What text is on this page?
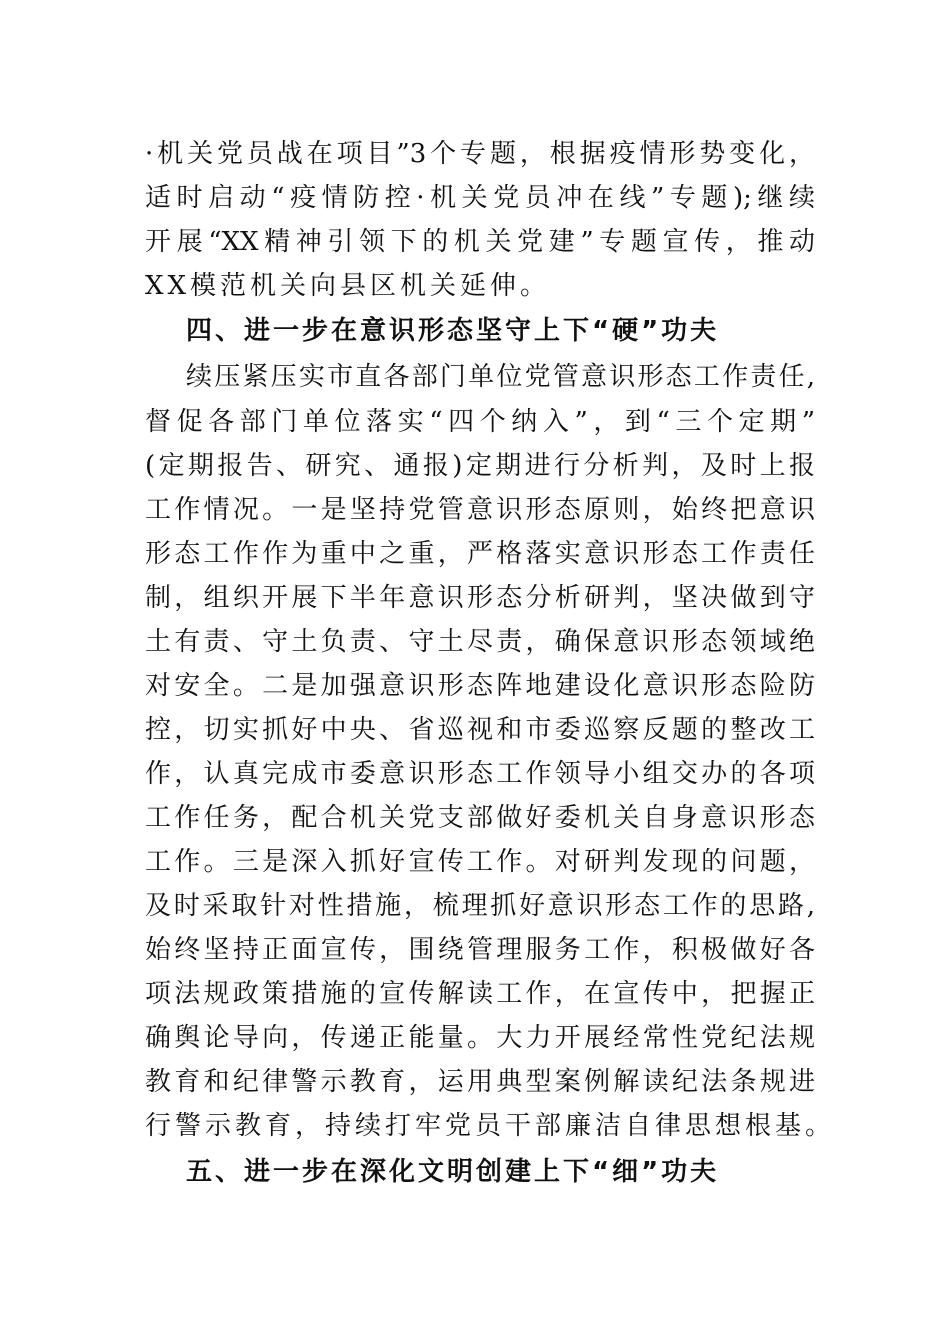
·机关党员战在项目”3个专题，根据疫情形势变化，
适时启动“疫情防控·机关党员冲在线”专题);继续
开展“XX精神引领下的机关党建”专题宣传，推动
XX模范机关向县区机关延伸。
四、进一步在意识形态坚守上下“硬”功夫
续压紧压实市直各部门单位党管意识形态工作责任,
督促各部门单位落实“四个纳入”，到“三个定期”
(定期报告、研究、通报)定期进行分析判，及时上报
工作情况。一是坚持党管意识形态原则，始终把意识
形态工作作为重中之重，严格落实意识形态工作责任
制，组织开展下半年意识形态分析研判，坚决做到守
土有责、守土负责、守土尽责，确保意识形态领域绝
对安全。二是加强意识形态阵地建设化意识形态险防
控，切实抓好中央、省巡视和市委巡察反题的整改工
作，认真完成市委意识形态工作领导小组交办的各项
工作任务，配合机关党支部做好委机关自身意识形态
工作。三是深入抓好宣传工作。对研判发现的问题，
及时采取针对性措施，梳理抓好意识形态工作的思路,
始终坚持正面宣传，围绕管理服务工作，积极做好各
项法规政策措施的宣传解读工作，在宣传中，把握正
确舆论导向，传递正能量。大力开展经常性党纪法规
教育和纪律警示教育，运用典型案例解读纪法条规进
行警示教育，持续打牢党员干部廉洁自律思想根基。
五、进一步在深化文明创建上下“细”功夫
